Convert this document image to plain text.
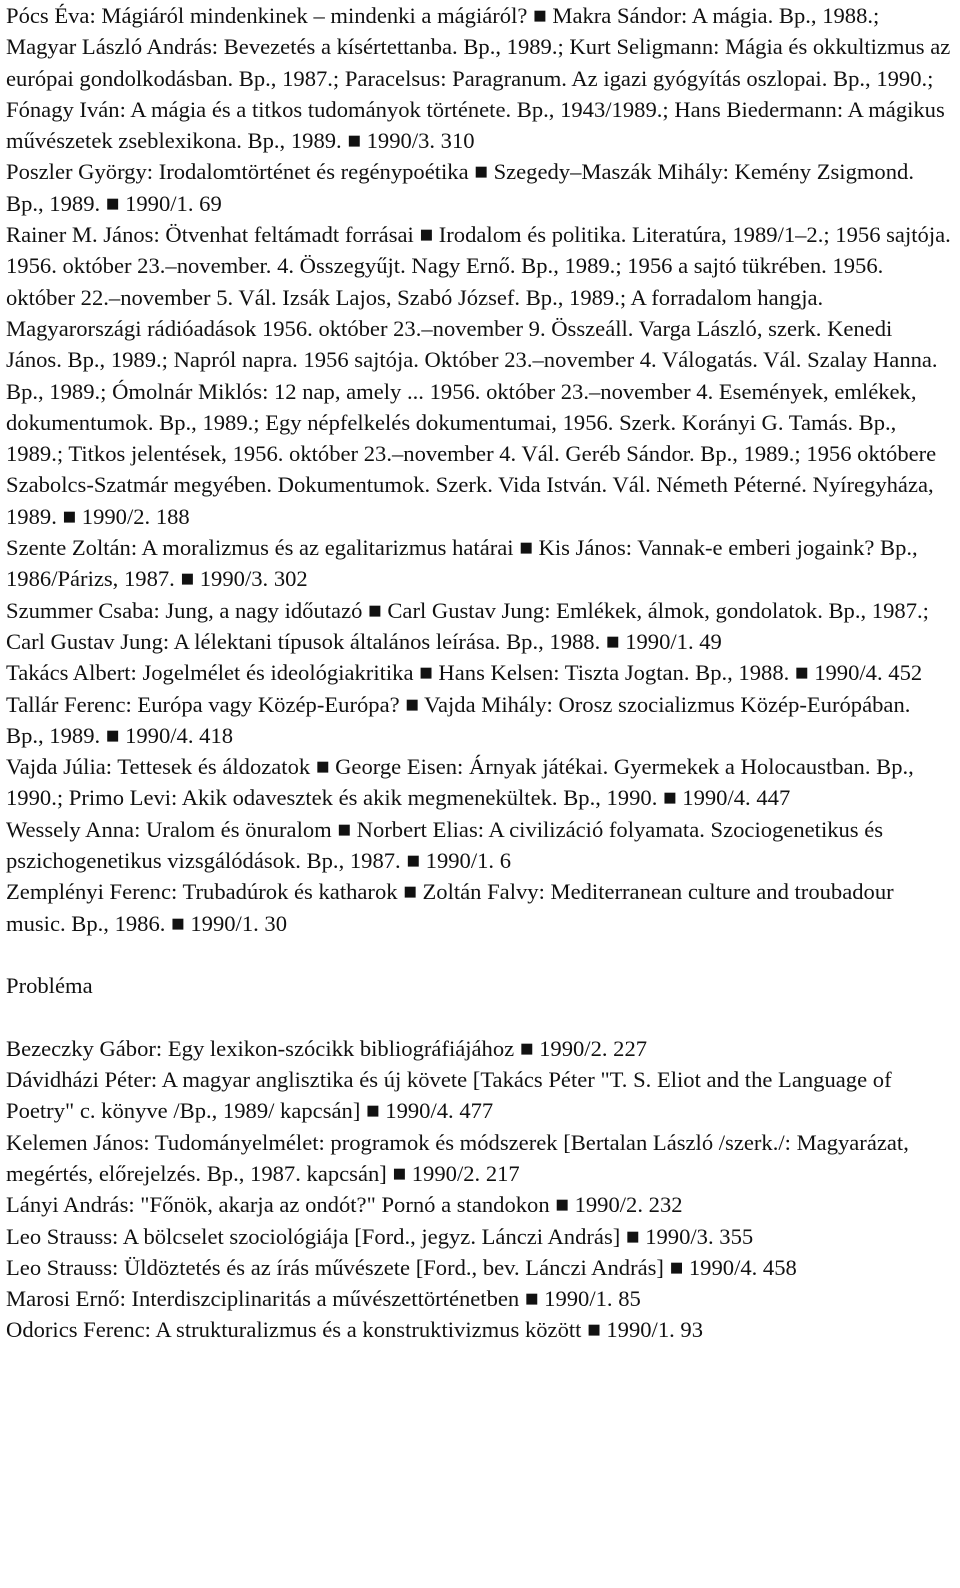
Pócs Éva: Mágiáról mindenkinek – mindenki a mágiáról? ■ Makra Sándor: A mágia. Bp., 1988.; Magyar László András: Bevezetés a kísértettanba. Bp., 1989.; Kurt Seligmann: Mágia és okkultizmus az európai gondolkodásban. Bp., 1987.; Paracelsus: Paragranum. Az igazi gyógyítás oszlopai. Bp., 1990.; Fónagy Iván: A mágia és a titkos tudományok története. Bp., 1943/1989.; Hans Biedermann: A mágikus művészetek zseblexikona. Bp., 1989. ■ 1990/3. 310

Poszler György: Irodalomtörténet és regénypoétika ■ Szegedy–Maszák Mihály: Kemény Zsigmond. Bp., 1989. ■ 1990/1. 69

Rainer M. János: Ötvenhat feltámadt forrásai ■ Irodalom és politika. Literatúra, 1989/1–2.; 1956 sajtója. 1956. október 23.–november. 4. Összegyűjt. Nagy Ernő. Bp., 1989.; 1956 a sajtó tükrében. 1956. október 22.–november 5. Vál. Izsák Lajos, Szabó József. Bp., 1989.; A forradalom hangja. Magyarországi rádióadások 1956. október 23.–november 9. Összeáll. Varga László, szerk. Kenedi János. Bp., 1989.; Napról napra. 1956 sajtója. Október 23.–november 4. Válogatás. Vál. Szalay Hanna. Bp., 1989.; Ómolnár Miklós: 12 nap, amely ... 1956. október 23.–november 4. Események, emlékek, dokumentumok. Bp., 1989.; Egy népfelkelés dokumentumai, 1956. Szerk. Korányi G. Tamás. Bp., 1989.; Titkos jelentések, 1956. október 23.–november 4. Vál. Geréb Sándor. Bp., 1989.; 1956 októbere Szabolcs-Szatmár megyében. Dokumentumok. Szerk. Vida István. Vál. Németh Péterné. Nyíregyháza, 1989. ■ 1990/2. 188

Szente Zoltán: A moralizmus és az egalitarizmus határai ■ Kis János: Vannak-e emberi jogaink? Bp., 1986/Párizs, 1987. ■ 1990/3. 302

Szummer Csaba: Jung, a nagy időutazó ■ Carl Gustav Jung: Emlékek, álmok, gondolatok. Bp., 1987.; Carl Gustav Jung: A lélektani típusok általános leírása. Bp., 1988. ■ 1990/1. 49

Takács Albert: Jogelmélet és ideológiakritika ■ Hans Kelsen: Tiszta Jogtan. Bp., 1988. ■ 1990/4. 452

Tallár Ferenc: Európa vagy Közép-Európa? ■ Vajda Mihály: Orosz szocializmus Közép-Európában. Bp., 1989. ■ 1990/4. 418

Vajda Júlia: Tettesek és áldozatok ■ George Eisen: Árnyak játékai. Gyermekek a Holocaustban. Bp., 1990.; Primo Levi: Akik odavesztek és akik megmenekültek. Bp., 1990. ■ 1990/4. 447

Wessely Anna: Uralom és önuralom ■ Norbert Elias: A civilizáció folyamata. Szociogenetikus és pszichogenetikus vizsgálódások. Bp., 1987. ■ 1990/1. 6

Zemplényi Ferenc: Trubadúrok és katharok ■ Zoltán Falvy: Mediterranean culture and troubadour music. Bp., 1986. ■ 1990/1. 30

Probléma

Bezeczky Gábor: Egy lexikon-szócikk bibliográfiájához ■ 1990/2. 227

Dávidházi Péter: A magyar anglisztika és új követe [Takács Péter "T. S. Eliot and the Language of Poetry" c. könyve /Bp., 1989/ kapcsán] ■ 1990/4. 477

Kelemen János: Tudományelmélet: programok és módszerek [Bertalan László /szerk./: Magyarázat, megértés, előrejelzés. Bp., 1987. kapcsán] ■ 1990/2. 217

Lányi András: "Főnök, akarja az ondót?" Pornó a standokon ■ 1990/2. 232

Leo Strauss: A bölcselet szociológiája [Ford., jegyz. Lánczi András] ■ 1990/3. 355

Leo Strauss: Üldöztetés és az írás művészete [Ford., bev. Lánczi András] ■ 1990/4. 458

Marosi Ernő: Interdiszciplinaritás a művészettörténetben ■ 1990/1. 85

Odorics Ferenc: A strukturalizmus és a konstruktivizmus között ■ 1990/1. 93
